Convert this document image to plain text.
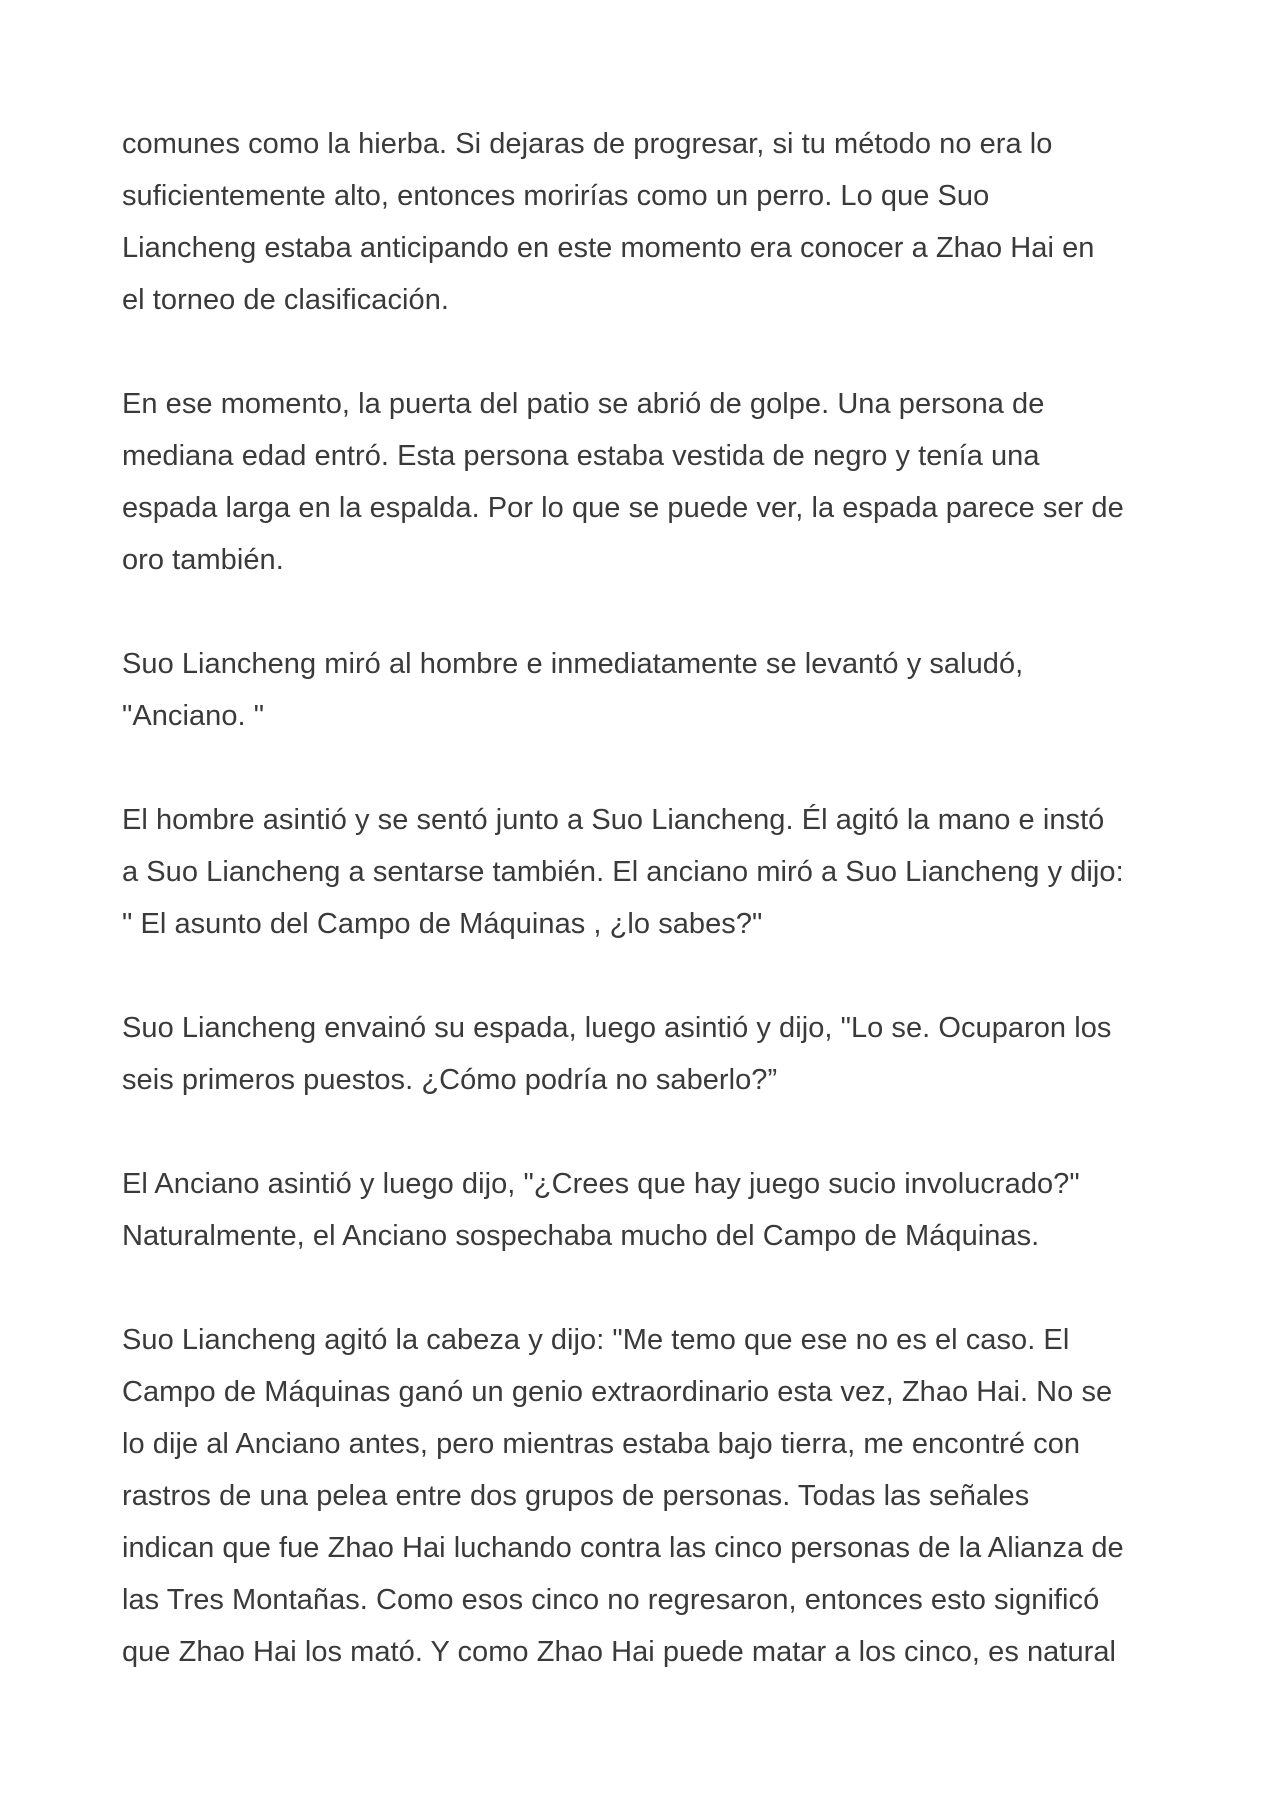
comunes como la hierba. Si dejaras de progresar, si tu método no era lo
suficientemente alto, entonces morirías como un perro. Lo que Suo
Liancheng estaba anticipando en este momento era conocer a Zhao Hai en
el torneo de clasificación.

En ese momento, la puerta del patio se abrió de golpe. Una persona de
mediana edad entró. Esta persona estaba vestida de negro y tenía una
espada larga en la espalda. Por lo que se puede ver, la espada parece ser de
oro también.

Suo Liancheng miró al hombre e inmediatamente se levantó y saludó,
"Anciano. "

El hombre asintió y se sentó junto a Suo Liancheng. Él agitó la mano e instó
a Suo Liancheng a sentarse también. El anciano miró a Suo Liancheng y dijo:
" El asunto del Campo de Máquinas , ¿lo sabes?"

Suo Liancheng envainó su espada, luego asintió y dijo, "Lo se. Ocuparon los
seis primeros puestos. ¿Cómo podría no saberlo?”

El Anciano asintió y luego dijo, "¿Crees que hay juego sucio involucrado?"
Naturalmente, el Anciano sospechaba mucho del Campo de Máquinas.

Suo Liancheng agitó la cabeza y dijo: "Me temo que ese no es el caso. El
Campo de Máquinas ganó un genio extraordinario esta vez, Zhao Hai. No se
lo dije al Anciano antes, pero mientras estaba bajo tierra, me encontré con
rastros de una pelea entre dos grupos de personas. Todas las señales
indican que fue Zhao Hai luchando contra las cinco personas de la Alianza de
las Tres Montañas. Como esos cinco no regresaron, entonces esto significó
que Zhao Hai los mató. Y como Zhao Hai puede matar a los cinco, es natural
